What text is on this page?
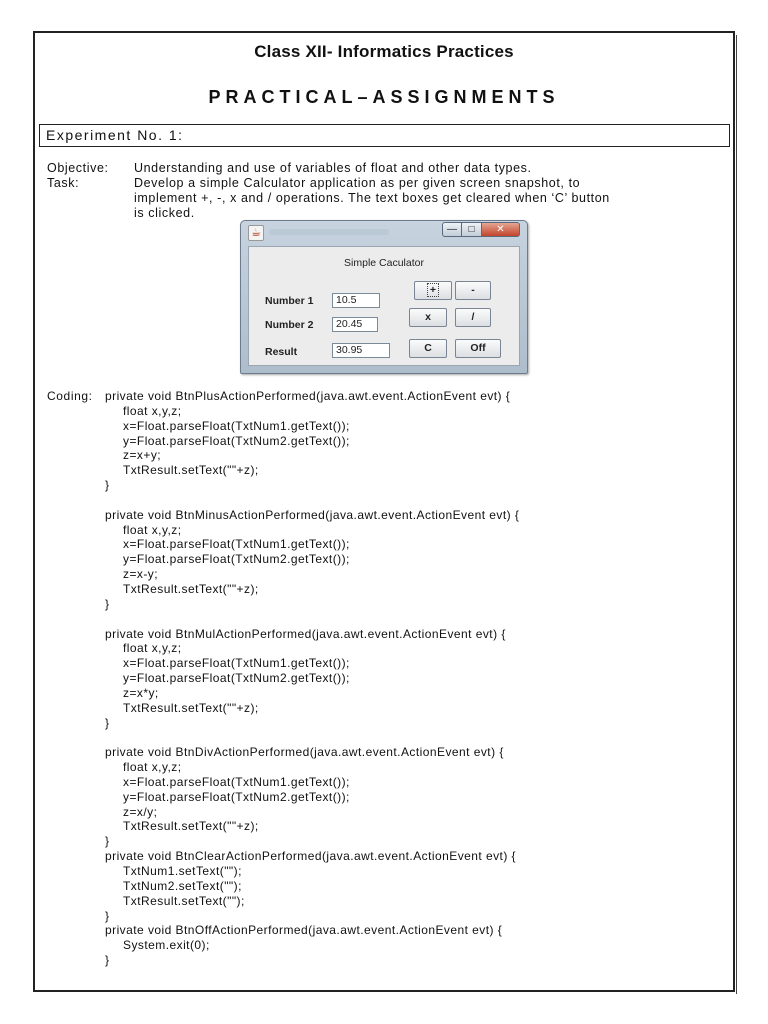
Class XII- Informatics Practices
PRACTICAL–ASSIGNMENTS
Experiment No. 1:
Objective:	Understanding and use of variables of float and other data types.
Task:	Develop a simple Calculator application as per given screen snapshot, to
implement +, -, x and / operations. The text boxes get cleared when ‘C’ button
is clicked.
☕	—	□	✕
Simple Caculator
Number 1	10.5
Number 2	20.45
Result	30.95
+	-
x	/
C	Off
Coding:	private void BtnPlusActionPerformed(java.awt.event.ActionEvent evt) {
float x,y,z;
x=Float.parseFloat(TxtNum1.getText());
y=Float.parseFloat(TxtNum2.getText());
z=x+y;
TxtResult.setText(""+z);
}
private void BtnMinusActionPerformed(java.awt.event.ActionEvent evt) {
float x,y,z;
x=Float.parseFloat(TxtNum1.getText());
y=Float.parseFloat(TxtNum2.getText());
z=x-y;
TxtResult.setText(""+z);
}
private void BtnMulActionPerformed(java.awt.event.ActionEvent evt) {
float x,y,z;
x=Float.parseFloat(TxtNum1.getText());
y=Float.parseFloat(TxtNum2.getText());
z=x*y;
TxtResult.setText(""+z);
}
private void BtnDivActionPerformed(java.awt.event.ActionEvent evt) {
float x,y,z;
x=Float.parseFloat(TxtNum1.getText());
y=Float.parseFloat(TxtNum2.getText());
z=x/y;
TxtResult.setText(""+z);
}
private void BtnClearActionPerformed(java.awt.event.ActionEvent evt) {
TxtNum1.setText("");
TxtNum2.setText("");
TxtResult.setText("");
}
private void BtnOffActionPerformed(java.awt.event.ActionEvent evt) {
System.exit(0);
}
